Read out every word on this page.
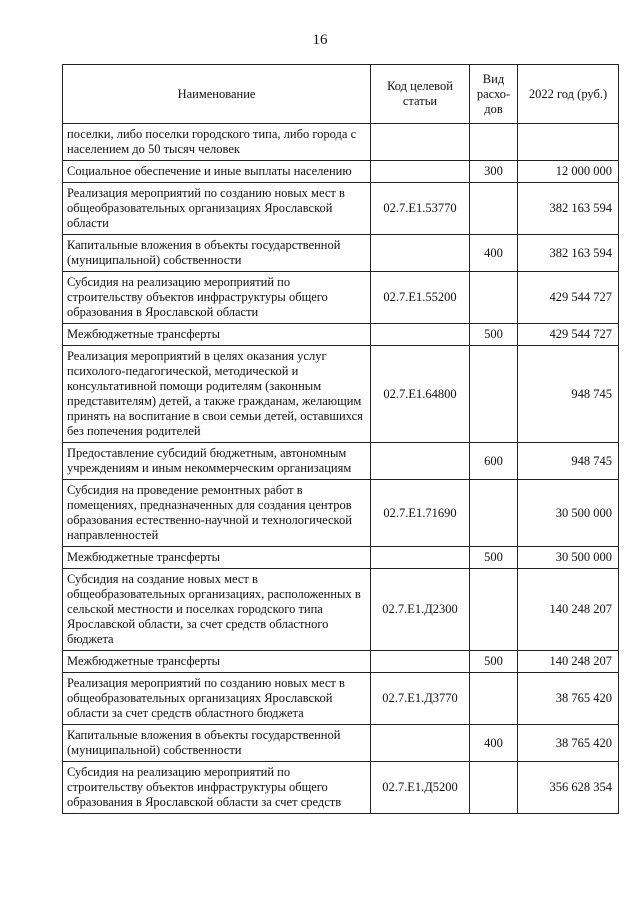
16
Наименование	Код целевой статьи	Вид расхо-дов	2022 год (руб.)
поселки, либо поселки городского типа, либо города с населением до 50 тысяч человек			
Социальное обеспечение и иные выплаты населению		300	12 000 000
Реализация мероприятий по созданию новых мест в общеобразовательных организациях Ярославской области	02.7.E1.53770		382 163 594
Капитальные вложения в объекты государственной (муниципальной) собственности		400	382 163 594
Субсидия на реализацию мероприятий по строительству объектов инфраструктуры общего образования в Ярославской области	02.7.E1.55200		429 544 727
Межбюджетные трансферты		500	429 544 727
Реализация мероприятий в целях оказания услуг психолого-педагогической, методической и консультативной помощи родителям (законным представителям) детей, а также гражданам, желающим принять на воспитание в свои семьи детей, оставшихся без попечения родителей	02.7.E1.64800		948 745
Предоставление субсидий бюджетным, автономным учреждениям и иным некоммерческим организациям		600	948 745
Субсидия на проведение ремонтных работ в помещениях, предназначенных для создания центров образования естественно-научной и технологической направленностей	02.7.E1.71690		30 500 000
Межбюджетные трансферты		500	30 500 000
Субсидия на создание новых мест в общеобразовательных организациях, расположенных в сельской местности и поселках городского типа Ярославской области, за счет средств областного бюджета	02.7.E1.Д2300		140 248 207
Межбюджетные трансферты		500	140 248 207
Реализация мероприятий по созданию новых мест в общеобразовательных организациях Ярославской области за счет средств областного бюджета	02.7.E1.Д3770		38 765 420
Капитальные вложения в объекты государственной (муниципальной) собственности		400	38 765 420
Субсидия на реализацию мероприятий по строительству объектов инфраструктуры общего образования в Ярославской области за счет средств	02.7.E1.Д5200		356 628 354
